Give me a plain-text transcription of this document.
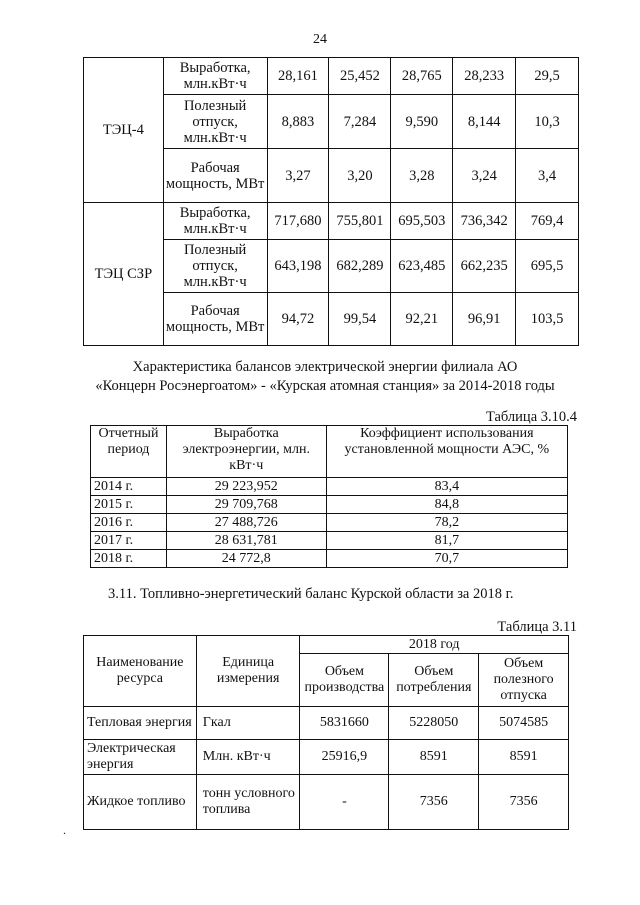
24
ТЭЦ-4	Выработка, млн.кВт·ч	28,161	25,452	28,765	28,233	29,5
	Полезный отпуск, млн.кВт·ч	8,883	7,284	9,590	8,144	10,3
	Рабочая мощность, МВт	3,27	3,20	3,28	3,24	3,4
ТЭЦ СЗР	Выработка, млн.кВт·ч	717,680	755,801	695,503	736,342	769,4
	Полезный отпуск, млн.кВт·ч	643,198	682,289	623,485	662,235	695,5
	Рабочая мощность, МВт	94,72	99,54	92,21	96,91	103,5
Характеристика балансов электрической энергии филиала АО
«Концерн Росэнергоатом» - «Курская атомная станция» за 2014-2018 годы
Таблица 3.10.4
Отчетный период	Выработка электроэнергии, млн. кВт·ч	Коэффициент использования установленной мощности АЭС, %
2014 г.	29 223,952	83,4
2015 г.	29 709,768	84,8
2016 г.	27 488,726	78,2
2017 г.	28 631,781	81,7
2018 г.	24 772,8	70,7
3.11. Топливно-энергетический баланс Курской области за 2018 г.
Таблица 3.11
Наименование ресурса	Единица измерения	2018 год		
		Объем производства	Объем потребления	Объем полезного отпуска
Тепловая энергия	Гкал	5831660	5228050	5074585
Электрическая энергия	Млн. кВт·ч	25916,9	8591	8591
Жидкое топливо	тонн условного топлива	-	7356	7356
.
